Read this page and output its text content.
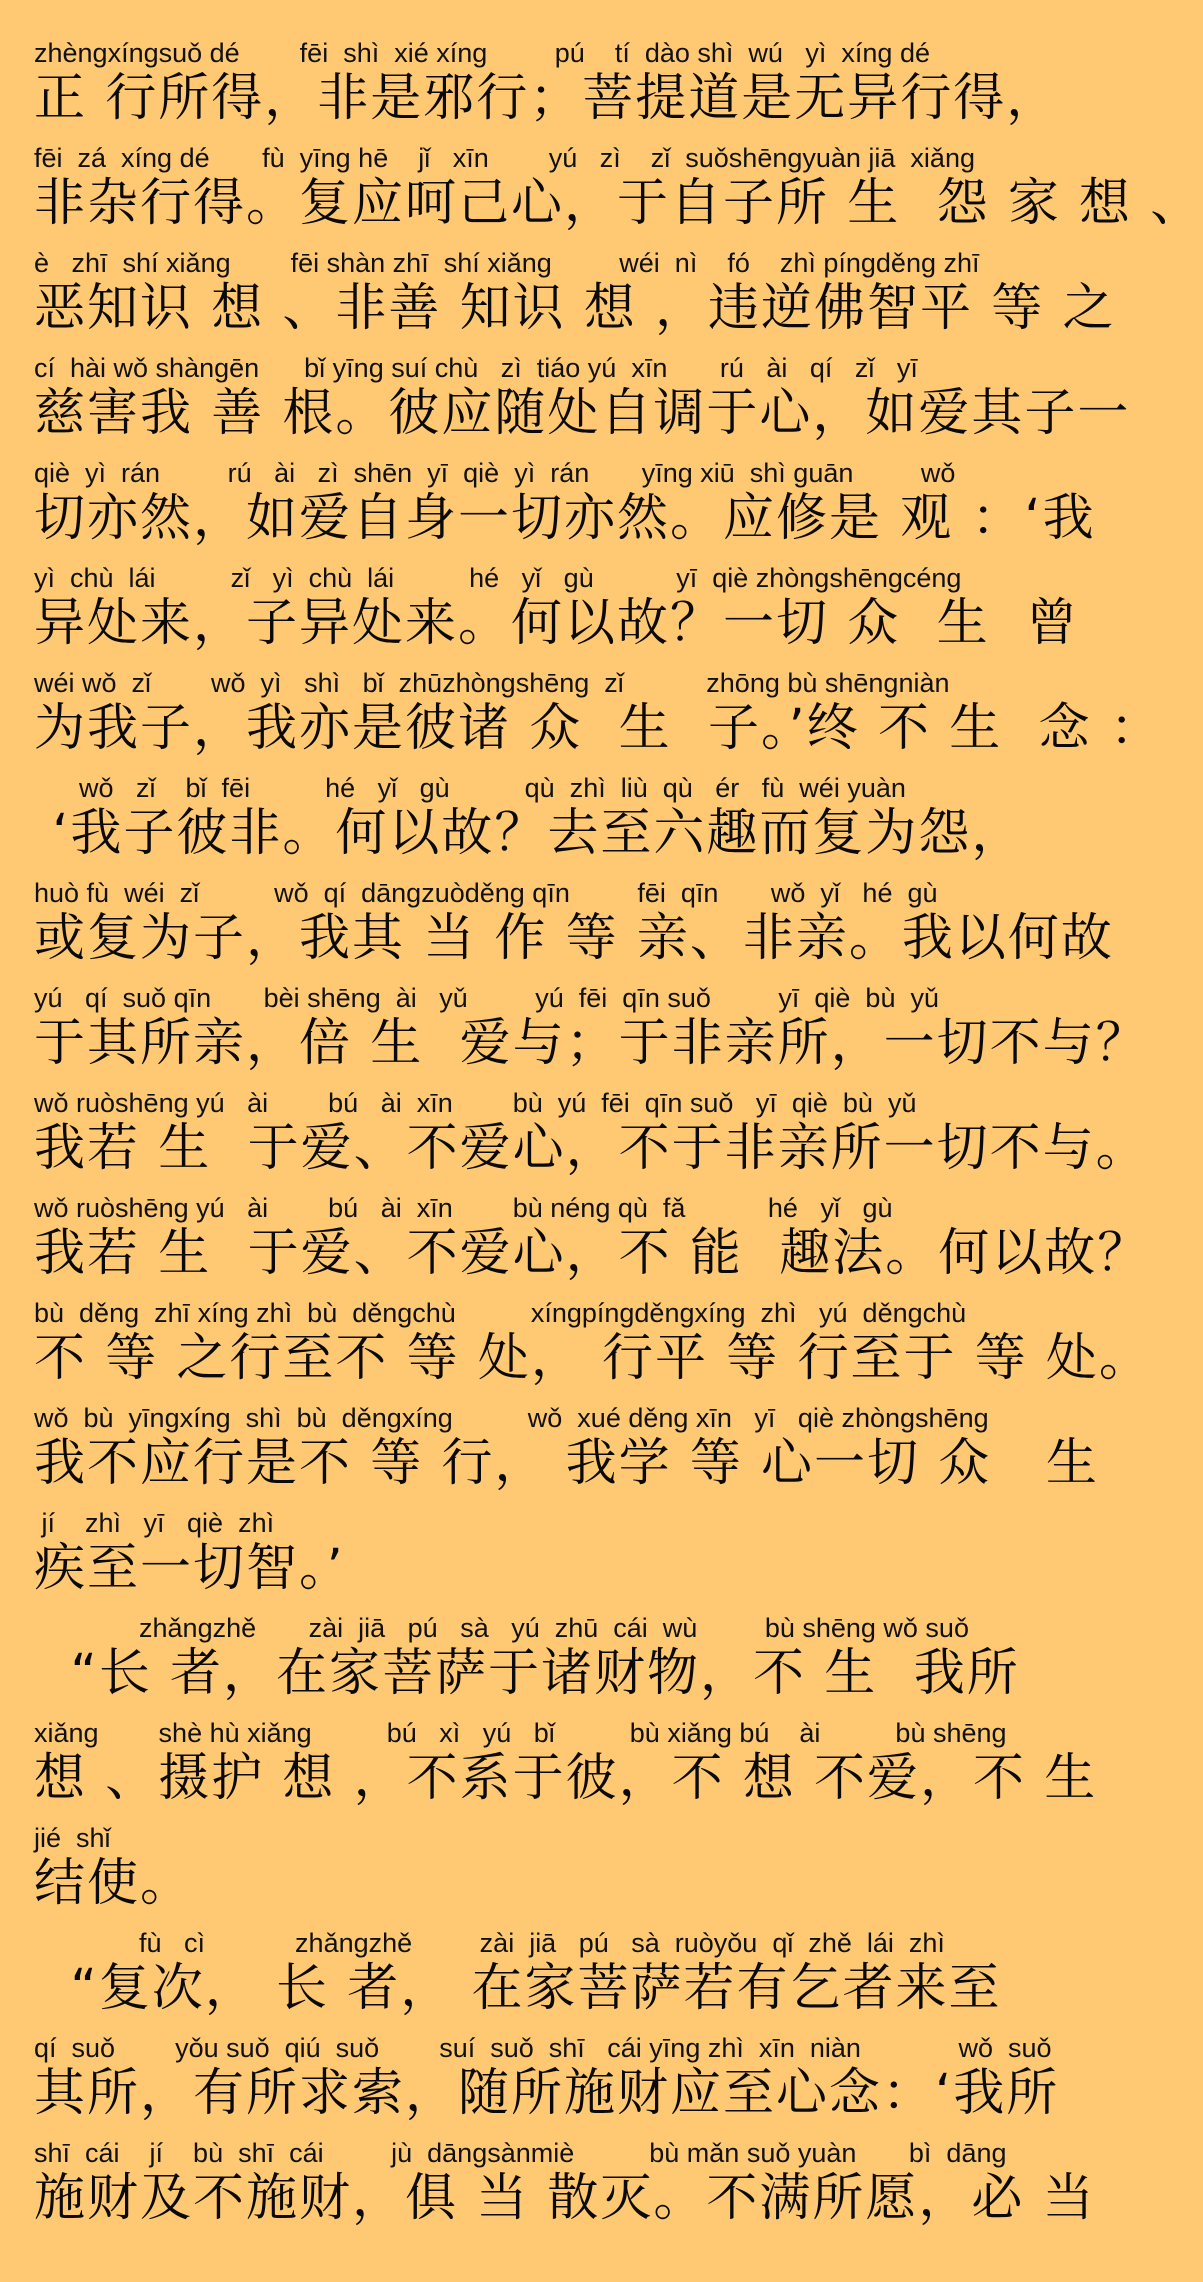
zhèngxíngsuǒ dé        fēi  shì  xié xíng         pú    tí  dào shì  wú   yì  xíng dé
正 行所得，非是邪行；菩提道是无异行得，
fēi  zá  xíng dé       fù  yīng hē    jǐ   xīn        yú   zì    zǐ  suǒshēngyuàn jiā  xiǎng
非杂行得。复应呵己心，于自子所 生  怨 家 想 、
è   zhī  shí xiǎng        fēi shàn zhī  shí xiǎng         wéi  nì    fó    zhì píngděng zhī
恶知识 想 、非善 知识 想 ，违逆佛智平 等 之
cí  hài wǒ shàngēn      bǐ yīng suí chù   zì  tiáo yú  xīn       rú   ài   qí   zǐ   yī
慈害我 善 根。彼应随处自调于心，如爱其子一
qiè  yì  rán         rú   ài   zì  shēn  yī  qiè  yì  rán       yīng xiū  shì guān         wǒ
切亦然，如爱自身一切亦然。应修是 观 ：‘我
yì  chù  lái          zǐ   yì  chù  lái          hé   yǐ   gù           yī  qiè zhòngshēngcéng
异处来，子异处来。何以故？一切 众  生  曾
wéi wǒ  zǐ        wǒ  yì   shì   bǐ  zhūzhòngshēng  zǐ           zhōng bù shēngniàn
为我子，我亦是彼诸 众  生  子。’终 不 生  念 ：
wǒ   zǐ    bǐ  fēi          hé   yǐ   gù          qù  zhì  liù  qù   ér   fù  wéi yuàn
‘我子彼非。何以故？去至六趣而复为怨，
huò fù  wéi  zǐ          wǒ  qí  dāngzuòděng qīn         fēi  qīn       wǒ  yǐ   hé  gù
或复为子，我其 当 作 等 亲、非亲。我以何故
yú   qí  suǒ qīn       bèi shēng  ài   yǔ         yú  fēi  qīn suǒ         yī  qiè  bù  yǔ
于其所亲，倍 生  爱与；于非亲所，一切不与？
wǒ ruòshēng yú   ài        bú   ài  xīn        bù  yú  fēi  qīn suǒ   yī  qiè  bù  yǔ
我若 生  于爱、不爱心，不于非亲所一切不与。
wǒ ruòshēng yú   ài        bú   ài  xīn        bù néng qù  fǎ           hé   yǐ   gù
我若 生  于爱、不爱心，不 能  趣法。何以故？
bù  děng  zhī xíng zhì  bù  děngchù          xíngpíngděngxíng  zhì   yú  děngchù
不 等 之行至不 等 处， 行平 等 行至于 等 处。
wǒ  bù  yīngxíng  shì  bù  děngxíng          wǒ  xué děng xīn   yī   qiè zhòngshēng
我不应行是不 等 行， 我学 等 心一切 众   生
jí    zhì   yī   qiè  zhì
疾至一切智。’
zhǎngzhě       zài  jiā   pú   sà   yú  zhū  cái  wù         bù shēng wǒ suǒ
“长 者，在家菩萨于诸财物，不 生  我所
xiǎng        shè hù xiǎng          bú   xì   yú   bǐ          bù xiǎng bú    ài          bù shēng
想 、摄护 想 ，不系于彼，不 想 不爱，不 生
jié  shǐ
结使。
fù   cì            zhǎngzhě         zài  jiā   pú   sà  ruòyǒu  qǐ  zhě  lái  zhì
“复次， 长 者， 在家菩萨若有乞者来至
qí  suǒ        yǒu suǒ  qiú  suǒ        suí  suǒ  shī   cái yīng zhì  xīn  niàn             wǒ  suǒ
其所，有所求索，随所施财应至心念：‘我所
shī  cái    jí    bù  shī  cái         jù  dāngsànmiè          bù mǎn suǒ yuàn       bì  dāng
施财及不施财，俱 当 散灭。不满所愿，必 当
